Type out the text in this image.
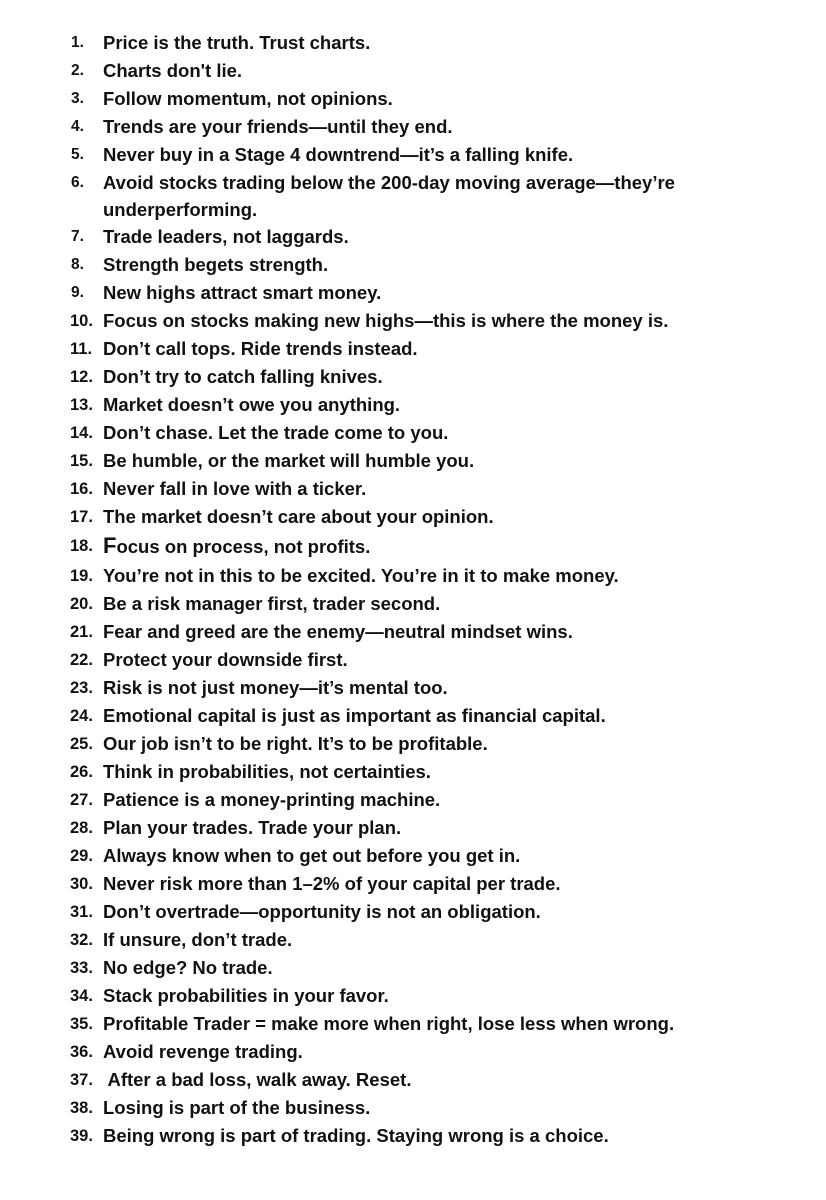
1. Price is the truth. Trust charts.
2. Charts don't lie.
3. Follow momentum, not opinions.
4. Trends are your friends—until they end.
5. Never buy in a Stage 4 downtrend—it’s a falling knife.
6. Avoid stocks trading below the 200-day moving average—they’re underperforming.
7. Trade leaders, not laggards.
8. Strength begets strength.
9. New highs attract smart money.
10. Focus on stocks making new highs—this is where the money is.
11. Don’t call tops. Ride trends instead.
12. Don’t try to catch falling knives.
13. Market doesn’t owe you anything.
14. Don’t chase. Let the trade come to you.
15. Be humble, or the market will humble you.
16. Never fall in love with a ticker.
17. The market doesn’t care about your opinion.
18. Focus on process, not profits.
19. You’re not in this to be excited. You’re in it to make money.
20. Be a risk manager first, trader second.
21. Fear and greed are the enemy—neutral mindset wins.
22. Protect your downside first.
23. Risk is not just money—it’s mental too.
24. Emotional capital is just as important as financial capital.
25. Our job isn’t to be right. It’s to be profitable.
26. Think in probabilities, not certainties.
27. Patience is a money-printing machine.
28. Plan your trades. Trade your plan.
29. Always know when to get out before you get in.
30. Never risk more than 1–2% of your capital per trade.
31. Don’t overtrade—opportunity is not an obligation.
32. If unsure, don’t trade.
33. No edge? No trade.
34. Stack probabilities in your favor.
35. Profitable Trader = make more when right, lose less when wrong.
36. Avoid revenge trading.
37. After a bad loss, walk away. Reset.
38. Losing is part of the business.
39. Being wrong is part of trading. Staying wrong is a choice.
